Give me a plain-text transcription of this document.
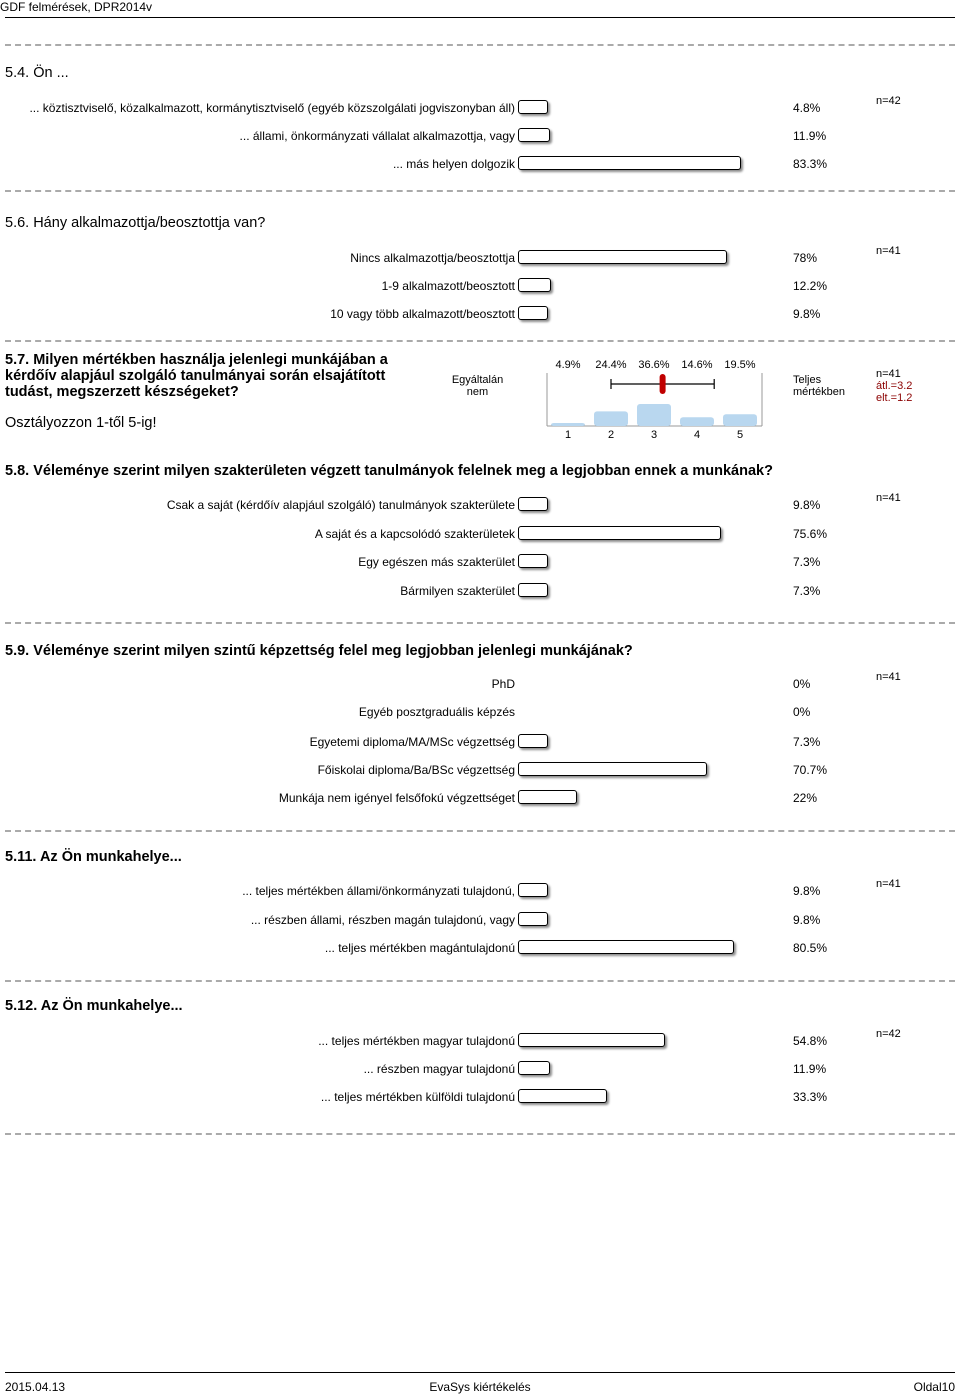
GDF felmérések, DPR2014v
5.4. Ön ...
n=42
... köztisztviselő, közalkalmazott, kormánytisztviselő (egyéb közszolgálati jogviszonyban áll)	4.8%
... állami, önkormányzati vállalat alkalmazottja, vagy	11.9%
... más helyen dolgozik	83.3%
5.6. Hány alkalmazottja/beosztottja van?
n=41
Nincs alkalmazottja/beosztottja	78%
1-9 alkalmazott/beosztott	12.2%
10 vagy több alkalmazott/beosztott	9.8%
5.8. Véleménye szerint milyen szakterületen végzett tanulmányok felelnek meg a legjobban ennek a munkának?
n=41
Csak a saját (kérdőív alapjául szolgáló) tanulmányok szakterülete	9.8%
A saját és a kapcsolódó szakterületek	75.6%
Egy egészen más szakterület	7.3%
Bármilyen szakterület	7.3%
5.9. Véleménye szerint milyen szintű képzettség felel meg legjobban jelenlegi munkájának?
n=41
PhD	0%
Egyéb posztgraduális képzés	0%
Egyetemi diploma/MA/MSc végzettség	7.3%
Főiskolai diploma/Ba/BSc végzettség	70.7%
Munkája nem igényel felsőfokú végzettséget	22%
5.11. Az Ön munkahelye...
n=41
... teljes mértékben állami/önkormányzati tulajdonú,	9.8%
... részben állami, részben magán tulajdonú, vagy	9.8%
... teljes mértékben magántulajdonú	80.5%
5.12. Az Ön munkahelye...
n=42
... teljes mértékben magyar tulajdonú	54.8%
... részben magyar tulajdonú	11.9%
... teljes mértékben külföldi tulajdonú	33.3%
5.7. Milyen mértékben használja jelenlegi munkájában a kérdőív alapjául szolgáló tanulmányai során elsajátított tudást, megszerzett készségeket?
Osztályozzon 1-től 5-ig!
Egyáltalán nem
Teljes mértékben
n=41
átl.=3.2
elt.=1.2
4.9%
1
24.4%
2
36.6%
3
14.6%
4
19.5%
5
2015.04.13	EvaSys kiértékelés	Oldal10
